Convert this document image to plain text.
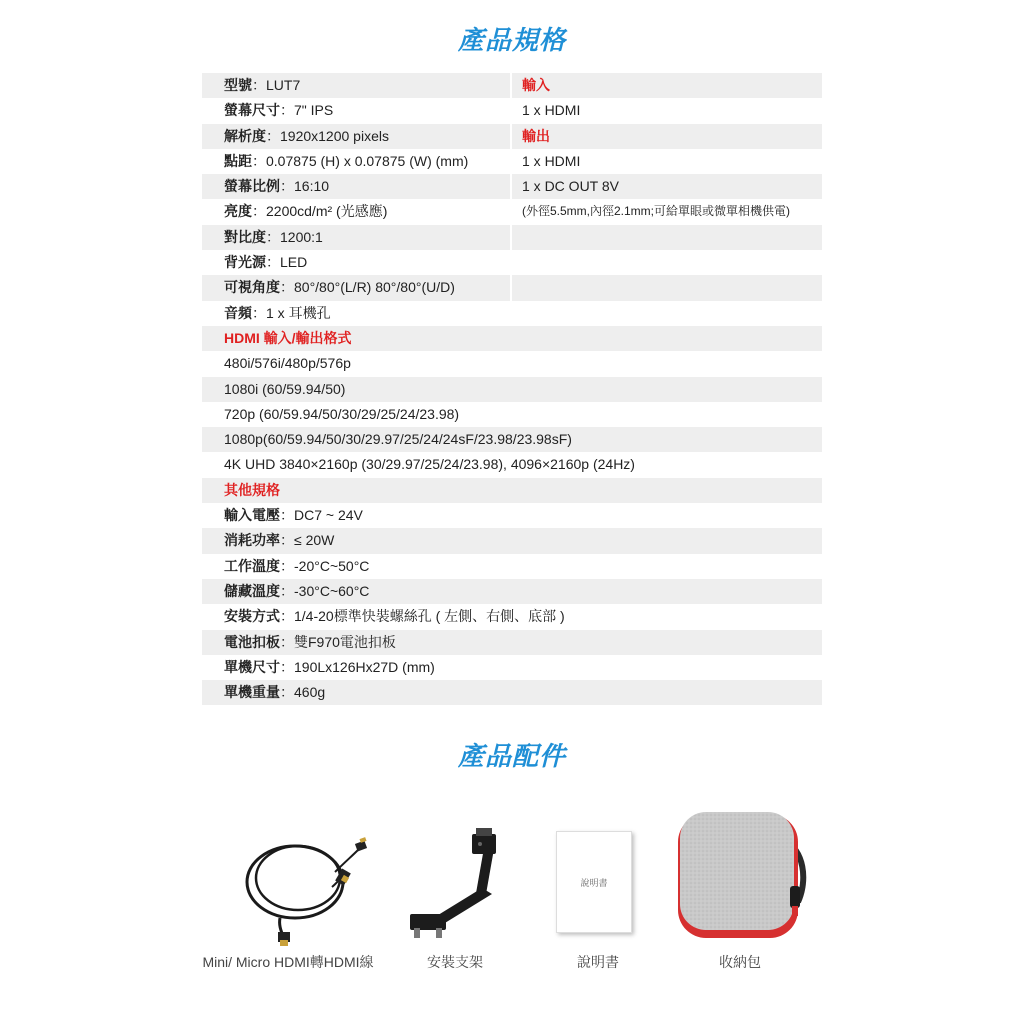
產品規格
型號：LUT7	輸入
螢幕尺寸：7" IPS	1 x HDMI
解析度：1920x1200 pixels	輸出
點距：0.07875 (H) x 0.07875 (W) (mm)	1 x HDMI
螢幕比例：16:10	1 x DC OUT 8V
亮度：2200cd/m² (光感應)	(外徑5.5mm,內徑2.1mm;可給單眼或微單相機供電)
對比度：1200:1
背光源：LED
可視角度：80°/80°(L/R) 80°/80°(U/D)
音頻：1 x 耳機孔
HDMI 輸入/輸出格式
480i/576i/480p/576p
1080i (60/59.94/50)
720p (60/59.94/50/30/29/25/24/23.98)
1080p(60/59.94/50/30/29.97/25/24/24sF/23.98/23.98sF)
4K UHD 3840×2160p (30/29.97/25/24/23.98), 4096×2160p (24Hz)
其他規格
輸入電壓：DC7 ~ 24V
消耗功率：≤ 20W
工作溫度：-20°C~50°C
儲藏溫度：-30°C~60°C
安裝方式：1/4-20標準快裝螺絲孔 ( 左側、右側、底部 )
電池扣板：雙F970電池扣板
單機尺寸：190Lx126Hx27D (mm)
單機重量：460g
產品配件
Mini/ Micro HDMI轉HDMI線	安裝支架
說明書
說明書	收納包
